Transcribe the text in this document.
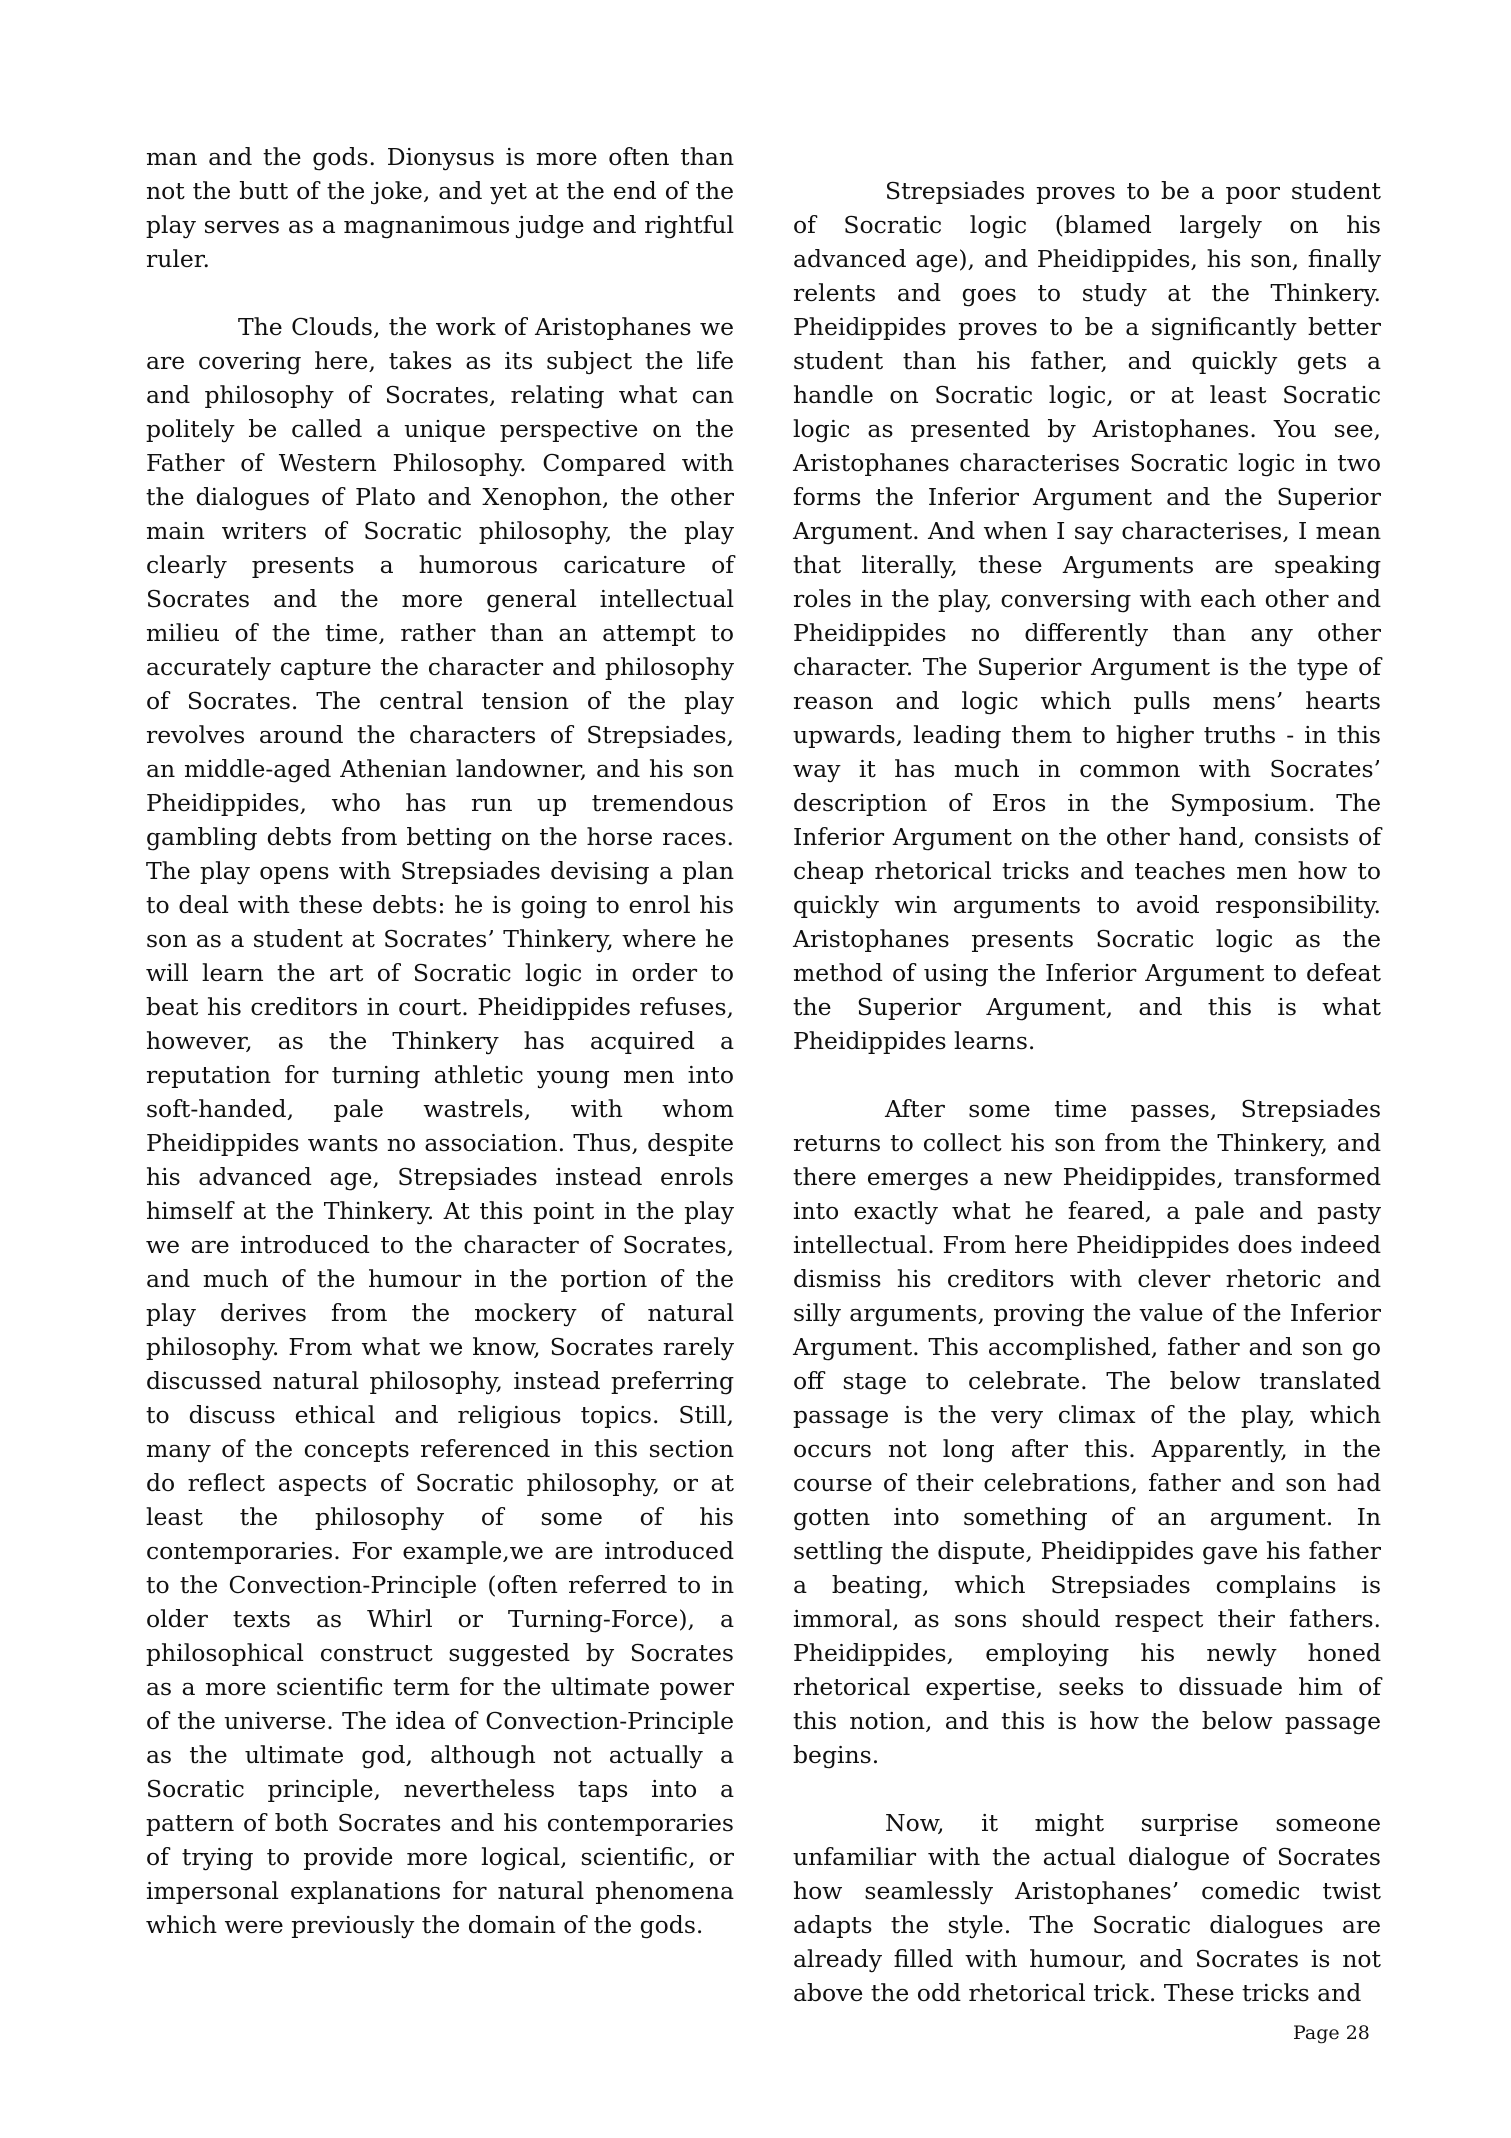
man and the gods. Dionysus is more often than not the butt of the joke, and yet at the end of the play serves as a magnanimous judge and rightful ruler.

The Clouds, the work of Aristophanes we are covering here, takes as its subject the life and philosophy of Socrates, relating what can politely be called a unique perspective on the Father of Western Philosophy. Compared with the dialogues of Plato and Xenophon, the other main writers of Socratic philosophy, the play clearly presents a humorous caricature of Socrates and the more general intellectual milieu of the time, rather than an attempt to accurately capture the character and philosophy of Socrates. The central tension of the play revolves around the characters of Strepsiades, an middle-aged Athenian landowner, and his son Pheidippides, who has run up tremendous gambling debts from betting on the horse races. The play opens with Strepsiades devising a plan to deal with these debts: he is going to enrol his son as a student at Socrates’ Thinkery, where he will learn the art of Socratic logic in order to beat his creditors in court. Pheidippides refuses, however, as the Thinkery has acquired a reputation for turning athletic young men into soft-handed, pale wastrels, with whom Pheidippides wants no association. Thus, despite his advanced age, Strepsiades instead enrols himself at the Thinkery. At this point in the play we are introduced to the character of Socrates, and much of the humour in the portion of the play derives from the mockery of natural philosophy. From what we know, Socrates rarely discussed natural philosophy, instead preferring to discuss ethical and religious topics. Still, many of the concepts referenced in this section do reflect aspects of Socratic philosophy, or at least the philosophy of some of his contemporaries. For example,we are introduced to the Convection-Principle (often referred to in older texts as Whirl or Turning-Force), a philosophical construct suggested by Socrates as a more scientific term for the ultimate power of the universe. The idea of Convection-Principle as the ultimate god, although not actually a Socratic principle, nevertheless taps into a pattern of both Socrates and his contemporaries of trying to provide more logical, scientific, or impersonal explanations for natural phenomena which were previously the domain of the gods.

Strepsiades proves to be a poor student of Socratic logic (blamed largely on his advanced age), and Pheidippides, his son, finally relents and goes to study at the Thinkery. Pheidippides proves to be a significantly better student than his father, and quickly gets a handle on Socratic logic, or at least Socratic logic as presented by Aristophanes. You see, Aristophanes characterises Socratic logic in two forms the Inferior Argument and the Superior Argument. And when I say characterises, I mean that literally, these Arguments are speaking roles in the play, conversing with each other and Pheidippides no differently than any other character. The Superior Argument is the type of reason and logic which pulls mens’ hearts upwards, leading them to higher truths - in this way it has much in common with Socrates’ description of Eros in the Symposium. The Inferior Argument on the other hand, consists of cheap rhetorical tricks and teaches men how to quickly win arguments to avoid responsibility. Aristophanes presents Socratic logic as the method of using the Inferior Argument to defeat the Superior Argument, and this is what Pheidippides learns.

After some time passes, Strepsiades returns to collect his son from the Thinkery, and there emerges a new Pheidippides, transformed into exactly what he feared, a pale and pasty intellectual. From here Pheidippides does indeed dismiss his creditors with clever rhetoric and silly arguments, proving the value of the Inferior Argument. This accomplished, father and son go off stage to celebrate. The below translated passage is the very climax of the play, which occurs not long after this. Apparently, in the course of their celebrations, father and son had gotten into something of an argument. In settling the dispute, Pheidippides gave his father a beating, which Strepsiades complains is immoral, as sons should respect their fathers. Pheidippides, employing his newly honed rhetorical expertise, seeks to dissuade him of this notion, and this is how the below passage begins.

Now, it might surprise someone unfamiliar with the actual dialogue of Socrates how seamlessly Aristophanes’ comedic twist adapts the style. The Socratic dialogues are already filled with humour, and Socrates is not above the odd rhetorical trick. These tricks and

Page 28
